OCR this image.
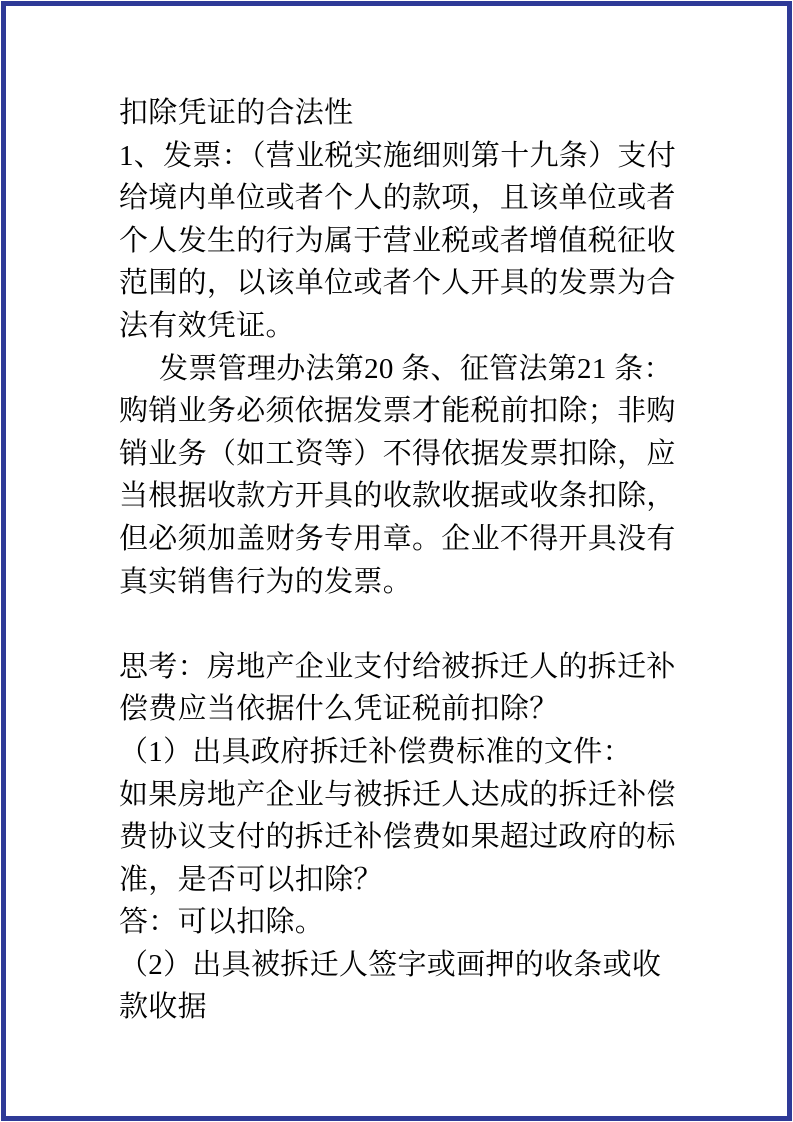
扣除凭证的合法性
1、发票：（营业税实施细则第十九条）支付
给境内单位或者个人的款项，且该单位或者
个人发生的行为属于营业税或者增值税征收
范围的，以该单位或者个人开具的发票为合
法有效凭证。
发票管理办法第20 条、征管法第21 条：
购销业务必须依据发票才能税前扣除；非购
销业务（如工资等）不得依据发票扣除，应
当根据收款方开具的收款收据或收条扣除，
但必须加盖财务专用章。企业不得开具没有
真实销售行为的发票。
思考：房地产企业支付给被拆迁人的拆迁补
偿费应当依据什么凭证税前扣除？
（1）出具政府拆迁补偿费标准的文件：
如果房地产企业与被拆迁人达成的拆迁补偿
费协议支付的拆迁补偿费如果超过政府的标
准，是否可以扣除？
答：可以扣除。
（2）出具被拆迁人签字或画押的收条或收
款收据
